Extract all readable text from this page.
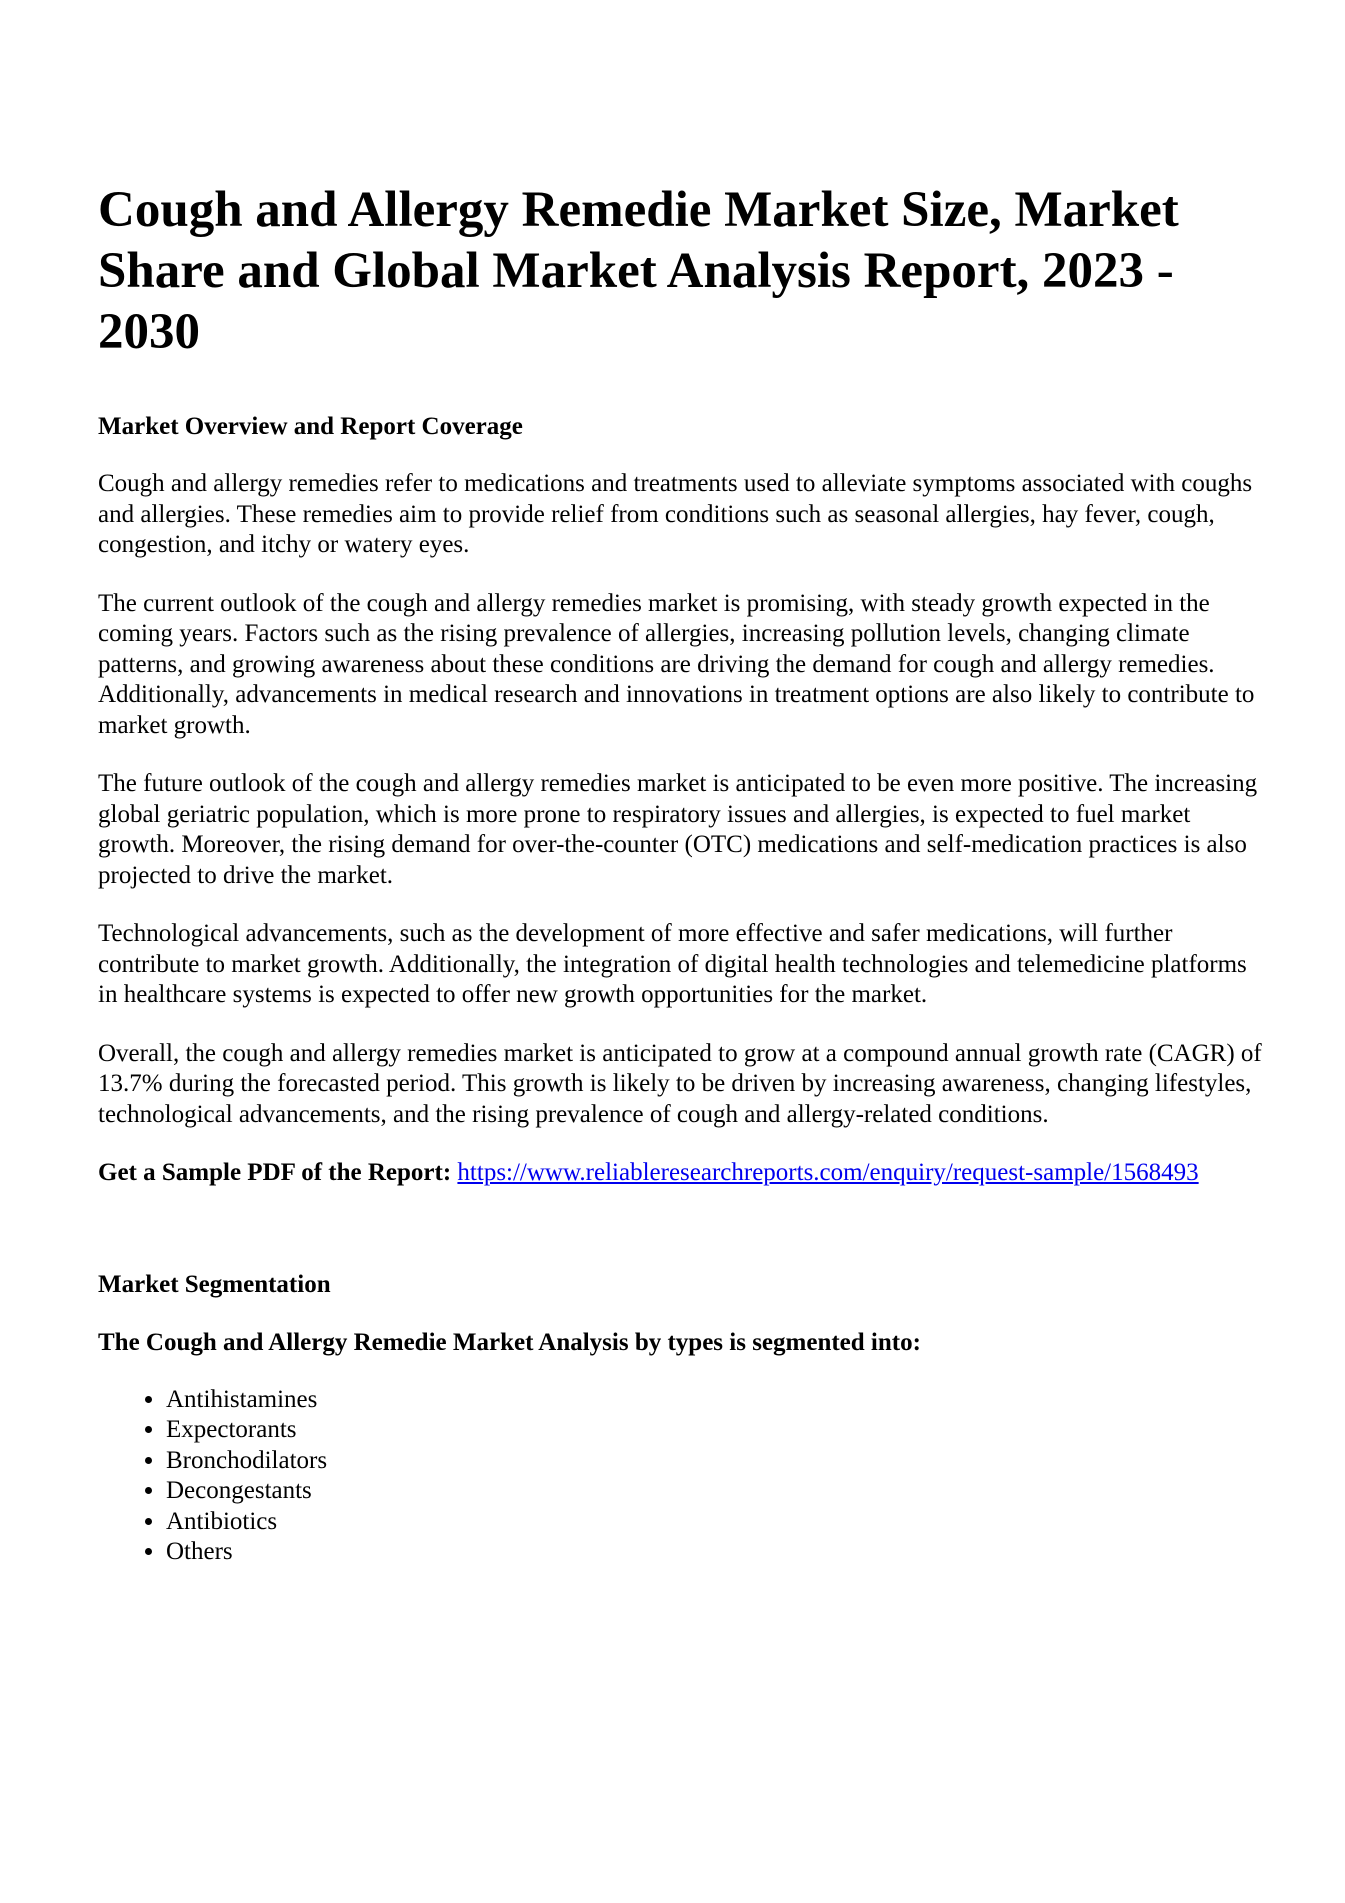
Cough and Allergy Remedie Market Size, Market Share and Global Market Analysis Report, 2023 - 2030
Market Overview and Report Coverage

Cough and allergy remedies refer to medications and treatments used to alleviate symptoms associated with coughs and allergies. These remedies aim to provide relief from conditions such as seasonal allergies, hay fever, cough, congestion, and itchy or watery eyes.

The current outlook of the cough and allergy remedies market is promising, with steady growth expected in the coming years. Factors such as the rising prevalence of allergies, increasing pollution levels, changing climate patterns, and growing awareness about these conditions are driving the demand for cough and allergy remedies. Additionally, advancements in medical research and innovations in treatment options are also likely to contribute to market growth.

The future outlook of the cough and allergy remedies market is anticipated to be even more positive. The increasing global geriatric population, which is more prone to respiratory issues and allergies, is expected to fuel market growth. Moreover, the rising demand for over-the-counter (OTC) medications and self-medication practices is also projected to drive the market.

Technological advancements, such as the development of more effective and safer medications, will further contribute to market growth. Additionally, the integration of digital health technologies and telemedicine platforms in healthcare systems is expected to offer new growth opportunities for the market.

Overall, the cough and allergy remedies market is anticipated to grow at a compound annual growth rate (CAGR) of 13.7% during the forecasted period. This growth is likely to be driven by increasing awareness, changing lifestyles, technological advancements, and the rising prevalence of cough and allergy-related conditions.

Get a Sample PDF of the Report: https://www.reliableresearchreports.com/enquiry/request-sample/1568493

Market Segmentation
The Cough and Allergy Remedie Market Analysis by types is segmented into:
• Antihistamines
• Expectorants
• Bronchodilators
• Decongestants
• Antibiotics
• Others
